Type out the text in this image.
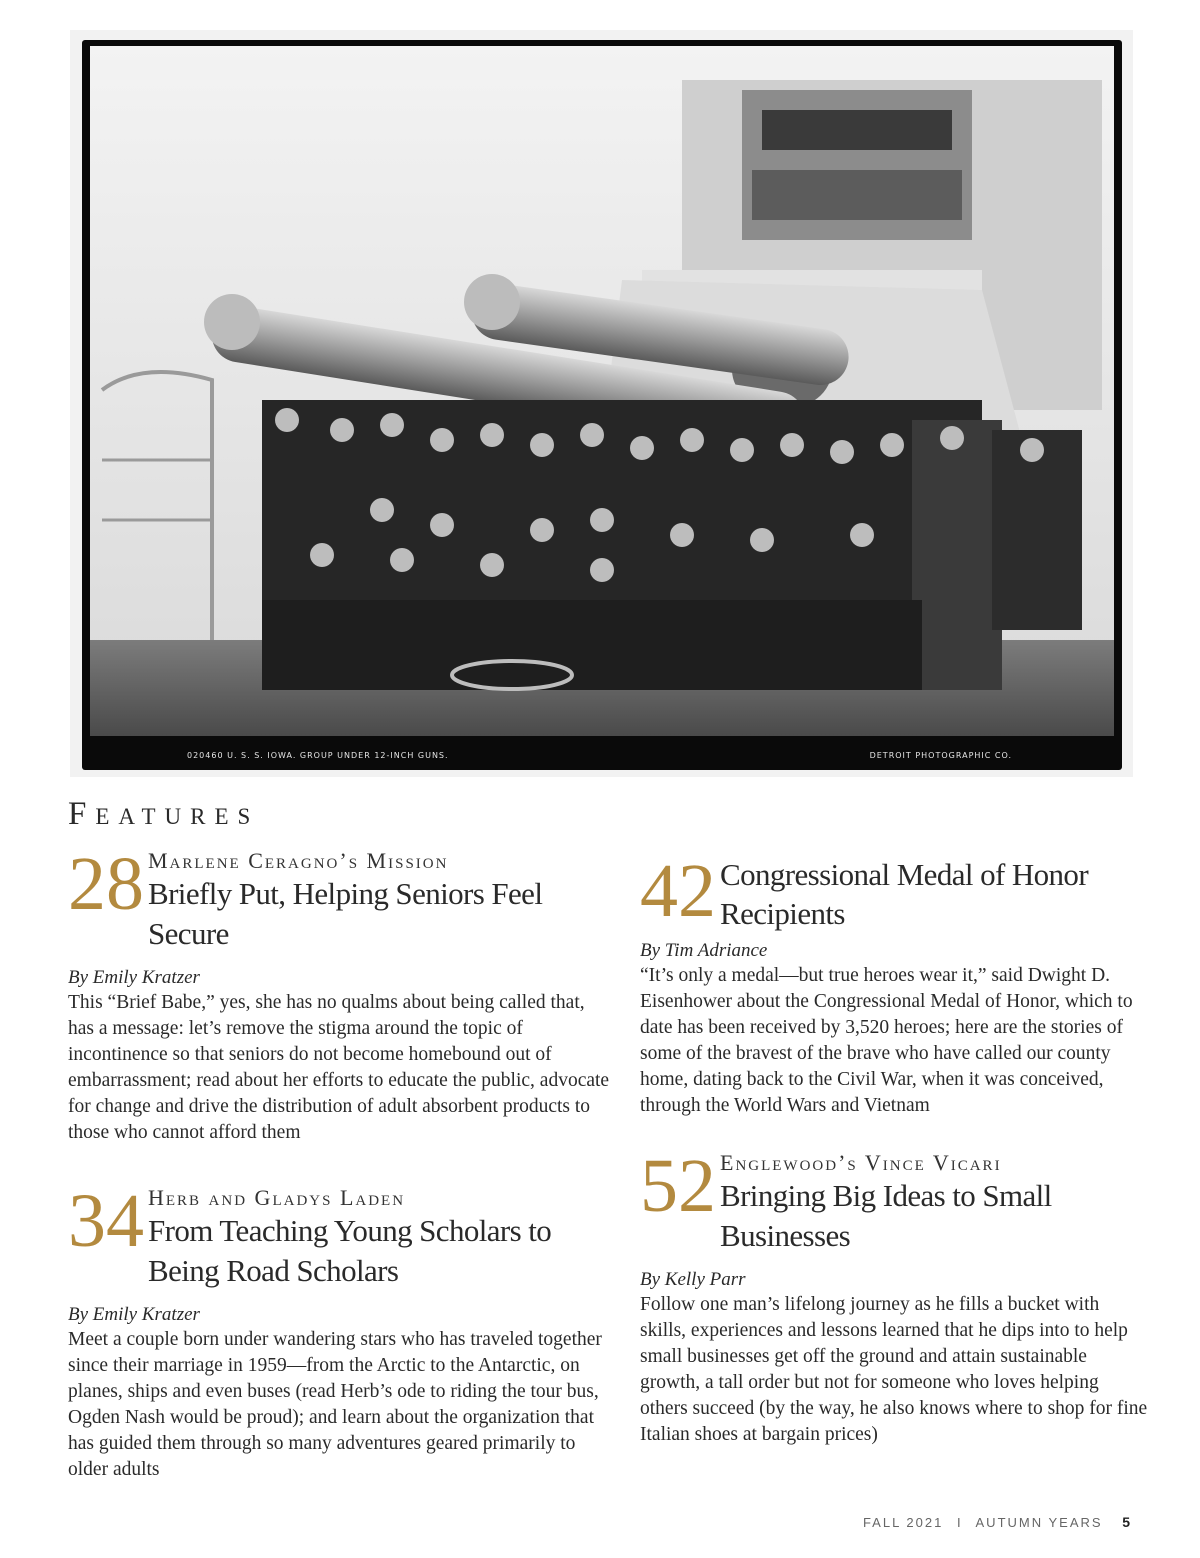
020460 U. S. S. IOWA. GROUP UNDER 12-INCH GUNS.	DETROIT PHOTOGRAPHIC CO.
Features
28 Marlene Ceragno’s Mission
Briefly Put, Helping Seniors Feel Secure
By Emily Kratzer

This “Brief Babe,” yes, she has no qualms about being called that, has a message: let’s remove the stigma around the topic of incontinence so that seniors do not become homebound out of embarrassment; read about her efforts to educate the public, advocate for change and drive the distribution of adult absorbent products to those who cannot afford them

34 Herb and Gladys Laden
From Teaching Young Scholars to Being Road Scholars
By Emily Kratzer

Meet a couple born under wandering stars who has traveled together since their marriage in 1959—from the Arctic to the Antarctic, on planes, ships and even buses (read Herb’s ode to riding the tour bus, Ogden Nash would be proud); and learn about the organization that has guided them through so many adventures geared primarily to older adults

42 Congressional Medal of Honor Recipients
By Tim Adriance

“It’s only a medal—but true heroes wear it,” said Dwight D. Eisenhower about the Congressional Medal of Honor, which to date has been received by 3,520 heroes; here are the stories of some of the bravest of the brave who have called our county home, dating back to the Civil War, when it was conceived, through the World Wars and Vietnam

52 Englewood’s Vince Vicari
Bringing Big Ideas to Small Businesses
By Kelly Parr

Follow one man’s lifelong journey as he fills a bucket with skills, experiences and lessons learned that he dips into to help small businesses get off the ground and attain sustainable growth, a tall order but not for someone who loves helping others succeed (by the way, he also knows where to shop for fine Italian shoes at bargain prices)

FALL 2021 I AUTUMN YEARS 5
